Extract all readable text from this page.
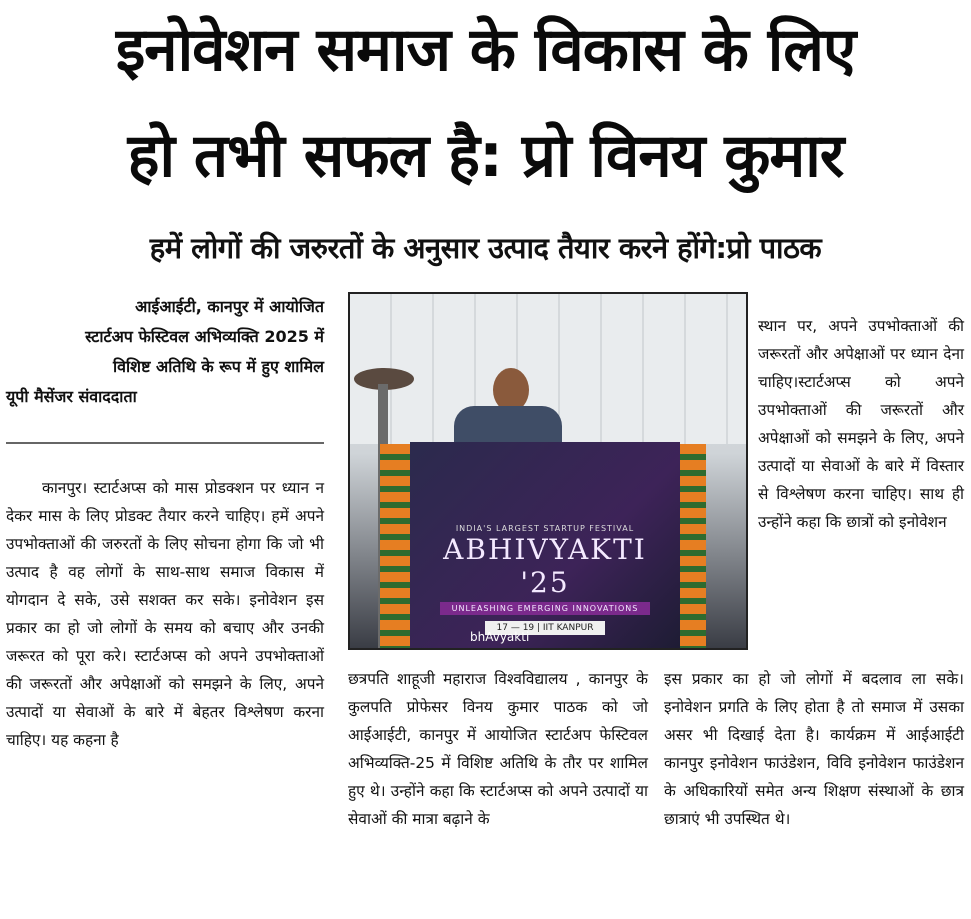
इनोवेशन समाज के विकास के लिए
हो तभी सफल है: प्रो विनय कुमार
हमें लोगों की जरुरतों के अनुसार उत्पाद तैयार करने होंगे:प्रो पाठक
आईआईटी, कानपुर में आयोजित
स्टार्टअप फेस्टिवल अभिव्यक्ति 2025 में
विशिष्ट अतिथि के रूप में हुए शामिल
यूपी मैसेंजर संवाददाता
INDIA'S LARGEST STARTUP FESTIVAL
ABHIVYAKTI '25
UNLEASHING EMERGING INNOVATIONS
17 — 19 | IIT KANPUR
bhAvyakti

कानपुर। स्टार्टअप्स को मास प्रोडक्शन पर ध्यान न देकर मास के लिए प्रोडक्ट तैयार करने चाहिए। हमें अपने उपभोक्ताओं की जरुरतों के लिए सोचना होगा कि जो भी उत्पाद है वह लोगों के साथ-साथ समाज विकास में योगदान दे सके, उसे सशक्त कर सके। इनोवेशन इस प्रकार का हो जो लोगों के समय को बचाए और उनकी जरूरत को पूरा करे। स्टार्टअप्स को अपने उपभोक्ताओं की जरूरतों और अपेक्षाओं को समझने के लिए, अपने उत्पादों या सेवाओं के बारे में बेहतर विश्लेषण करना चाहिए। यह कहना है

छत्रपति शाहूजी महाराज विश्वविद्यालय , कानपुर के कुलपति प्रोफेसर विनय कुमार पाठक को जो आईआईटी, कानपुर में आयोजित स्टार्टअप फेस्टिवल अभिव्यक्ति-25 में विशिष्ट अतिथि के तौर पर शामिल हुए थे। उन्होंने कहा कि स्टार्टअप्स को अपने उत्पादों या सेवाओं की मात्रा बढ़ाने के

स्थान पर, अपने उपभोक्ताओं की जरूरतों और अपेक्षाओं पर ध्यान देना चाहिए।स्टार्टअप्स को अपने उपभोक्ताओं की जरूरतों और अपेक्षाओं को समझने के लिए, अपने उत्पादों या सेवाओं के बारे में विस्तार से विश्लेषण करना चाहिए। साथ ही उन्होंने कहा कि छात्रों को इनोवेशन

इस प्रकार का हो जो लोगों में बदलाव ला सके।इनोवेशन प्रगति के लिए होता है तो समाज में उसका असर भी दिखाई देता है। कार्यक्रम में आईआईटी कानपुर इनोवेशन फाउंडेशन, विवि इनोवेशन फाउंडेशन के अधिकारियों समेत अन्य शिक्षण संस्थाओं के छात्र छात्राएं भी उपस्थित थे।
